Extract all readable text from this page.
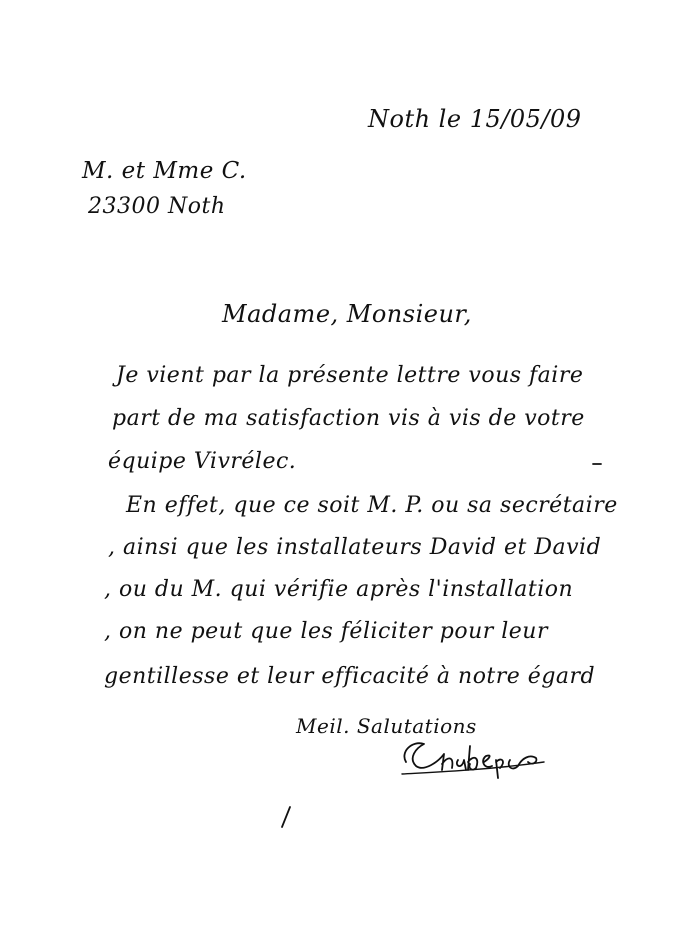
Noth le 15/05/09
M. et Mme C.
23300 Noth
Madame, Monsieur,
Je vient par la présente lettre vous faire
part de ma satisfaction vis à vis de votre
équipe Vivrélec.
En effet, que ce soit M. P. ou sa secrétaire
, ainsi que les installateurs David et David
, ou du M. qui vérifie après l'installation
, on ne peut que les féliciter pour leur
gentillesse et leur efficacité à notre égard
Meil. Salutations
